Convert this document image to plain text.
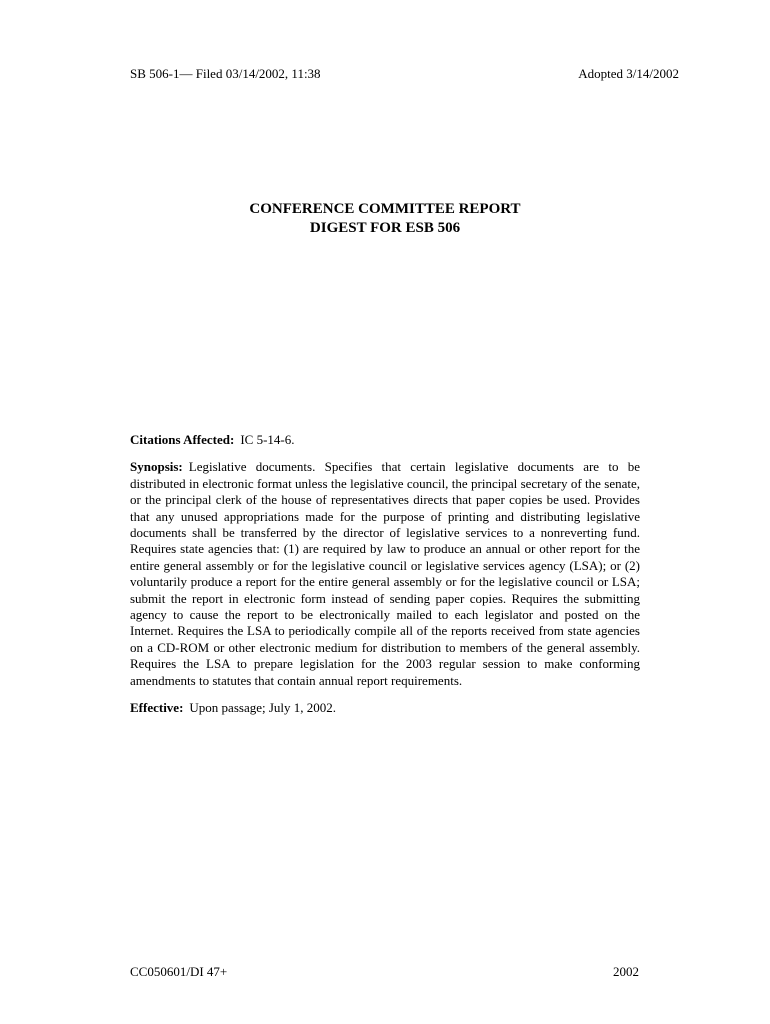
SB 506-1— Filed 03/14/2002, 11:38	Adopted 3/14/2002
CONFERENCE COMMITTEE REPORT
DIGEST FOR ESB 506

Citations Affected: IC 5-14-6.

Synopsis: Legislative documents. Specifies that certain legislative documents are to be distributed in electronic format unless the legislative council, the principal secretary of the senate, or the principal clerk of the house of representatives directs that paper copies be used. Provides that any unused appropriations made for the purpose of printing and distributing legislative documents shall be transferred by the director of legislative services to a nonreverting fund. Requires state agencies that: (1) are required by law to produce an annual or other report for the entire general assembly or for the legislative council or legislative services agency (LSA); or (2) voluntarily produce a report for the entire general assembly or for the legislative council or LSA; submit the report in electronic form instead of sending paper copies. Requires the submitting agency to cause the report to be electronically mailed to each legislator and posted on the Internet. Requires the LSA to periodically compile all of the reports received from state agencies on a CD-ROM or other electronic medium for distribution to members of the general assembly. Requires the LSA to prepare legislation for the 2003 regular session to make conforming amendments to statutes that contain annual report requirements.

Effective: Upon passage; July 1, 2002.

CC050601/DI 47+	2002
